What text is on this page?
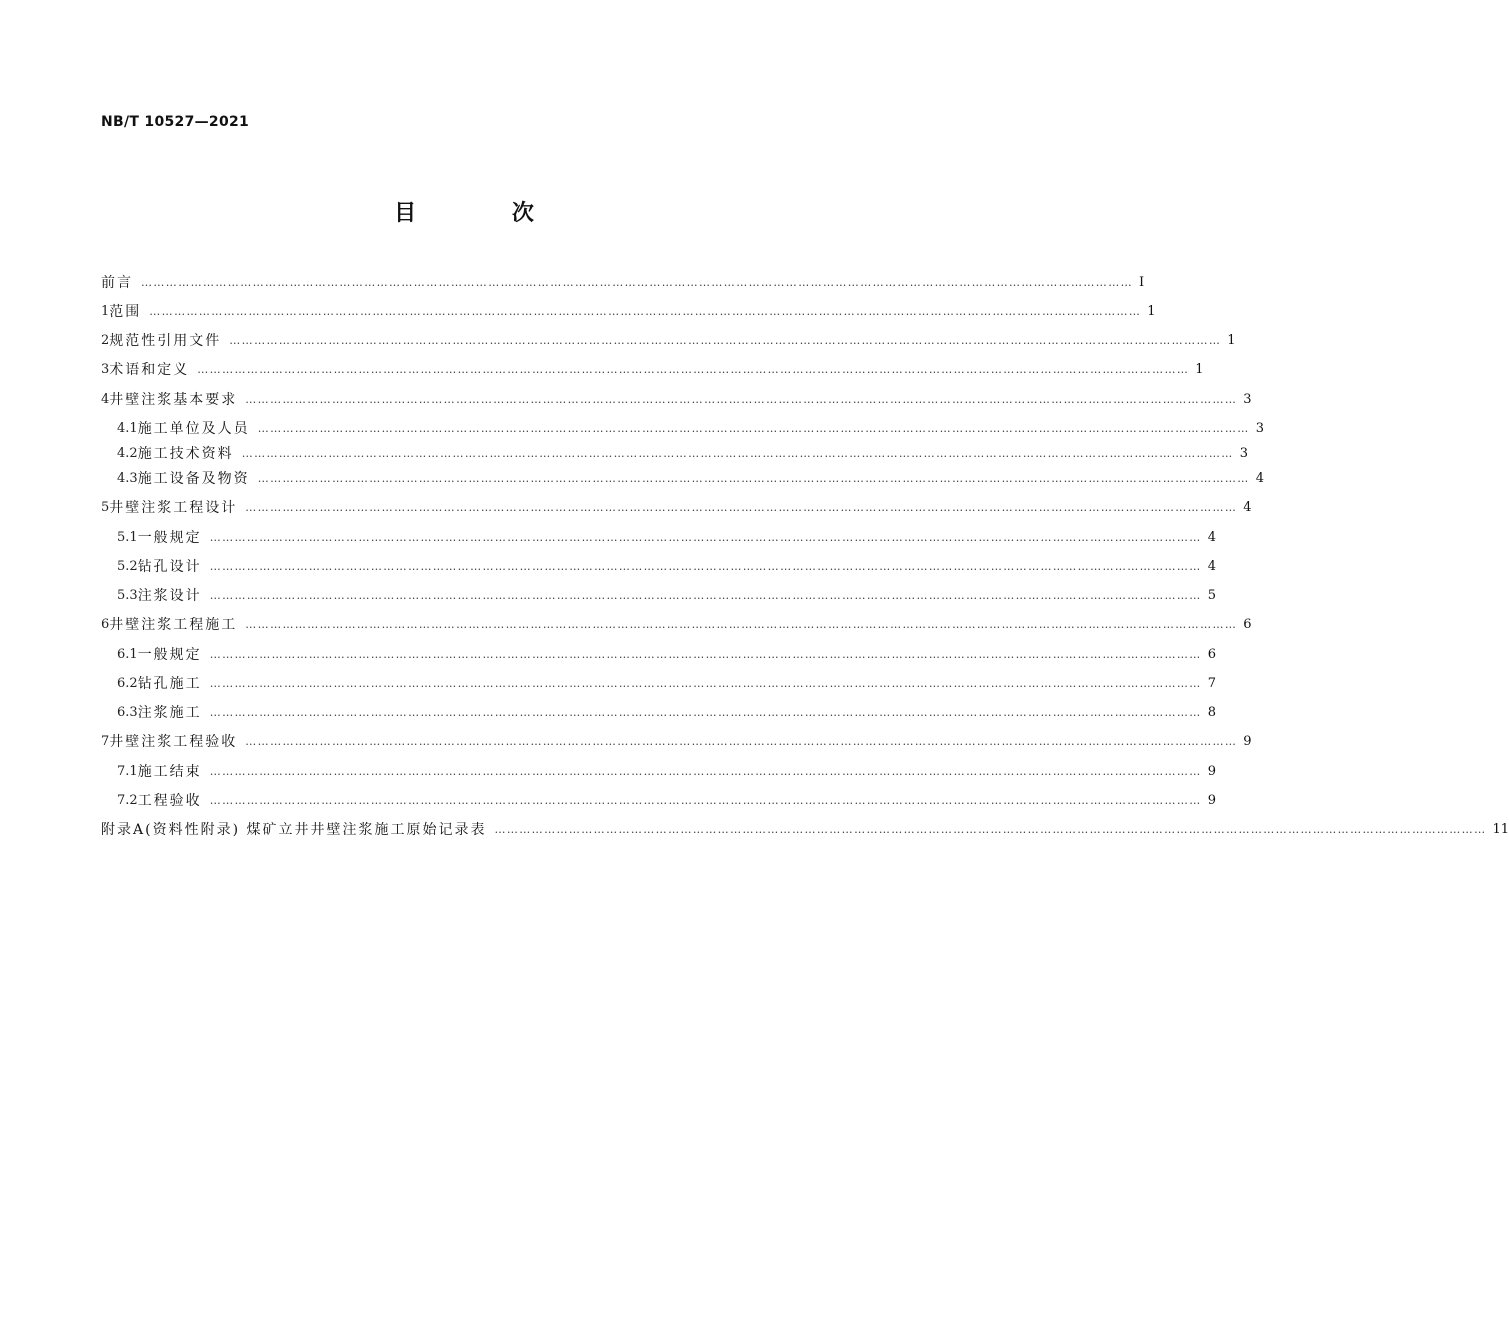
NB/T 10527—2021
目 次
前言 …………………………………………………………………………………………………………………………………………………………………………………………………………………… Ⅰ
1 范围 …………………………………………………………………………………………………………………………………………………………………………………………………………………… 1
2 规范性引用文件 …………………………………………………………………………………………………………………………………………………………………………………………………………………… 1
3 术语和定义 …………………………………………………………………………………………………………………………………………………………………………………………………………………… 1
4 井壁注浆基本要求 …………………………………………………………………………………………………………………………………………………………………………………………………………………… 3
4.1 施工单位及人员 …………………………………………………………………………………………………………………………………………………………………………………………………………………… 3
4.2 施工技术资料 …………………………………………………………………………………………………………………………………………………………………………………………………………………… 3
4.3 施工设备及物资 …………………………………………………………………………………………………………………………………………………………………………………………………………………… 4
5 井壁注浆工程设计 …………………………………………………………………………………………………………………………………………………………………………………………………………………… 4
5.1 一般规定 …………………………………………………………………………………………………………………………………………………………………………………………………………………… 4
5.2 钻孔设计 …………………………………………………………………………………………………………………………………………………………………………………………………………………… 4
5.3 注浆设计 …………………………………………………………………………………………………………………………………………………………………………………………………………………… 5
6 井壁注浆工程施工 …………………………………………………………………………………………………………………………………………………………………………………………………………………… 6
6.1 一般规定 …………………………………………………………………………………………………………………………………………………………………………………………………………………… 6
6.2 钻孔施工 …………………………………………………………………………………………………………………………………………………………………………………………………………………… 7
6.3 注浆施工 …………………………………………………………………………………………………………………………………………………………………………………………………………………… 8
7 井壁注浆工程验收 …………………………………………………………………………………………………………………………………………………………………………………………………………………… 9
7.1 施工结束 …………………………………………………………………………………………………………………………………………………………………………………………………………………… 9
7.2 工程验收 …………………………………………………………………………………………………………………………………………………………………………………………………………………… 9
附录A(资料性附录) 煤矿立井井壁注浆施工原始记录表 …………………………………………………………………………………………………………………………………………………………………………………………………………………… 11
